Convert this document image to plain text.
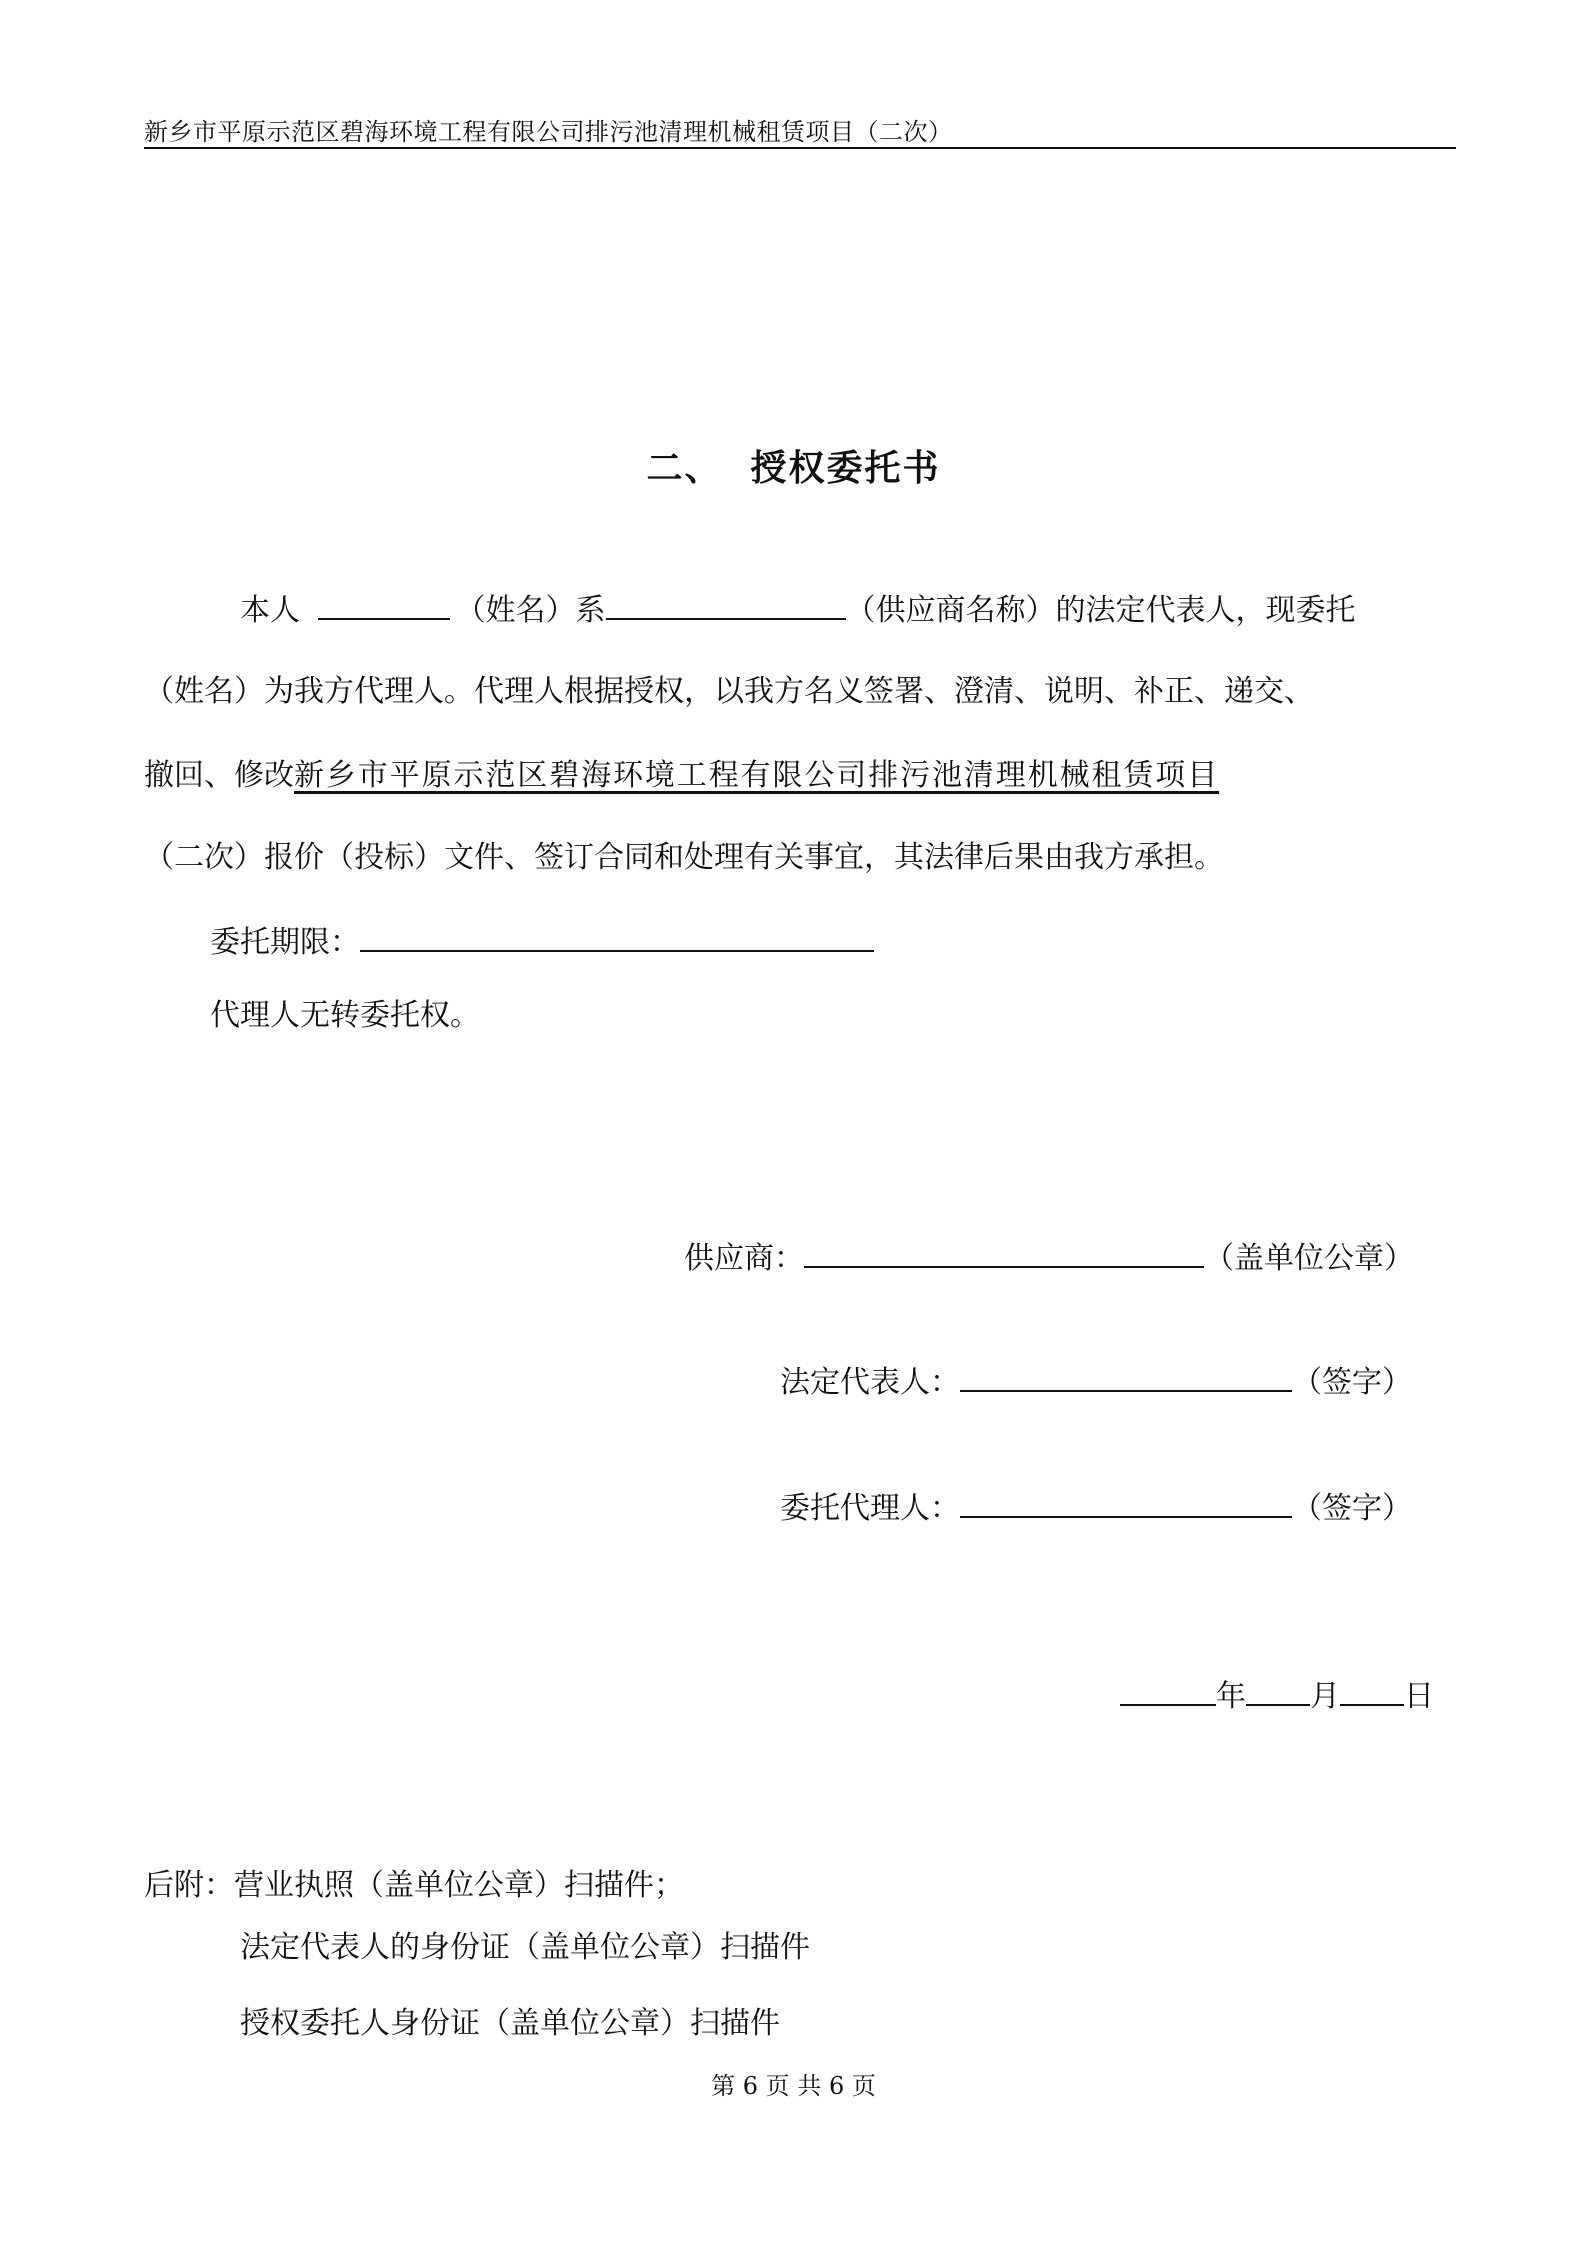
新乡市平原示范区碧海环境工程有限公司排污池清理机械租赁项目（二次）
二、 授权委托书
本人	（姓名）系	（供应商名称）的法定代表人，现委托
（姓名）为我方代理人。代理人根据授权，以我方名义签署、澄清、说明、补正、递交、
撤回、修改新乡市平原示范区碧海环境工程有限公司排污池清理机械租赁项目
（二次）报价（投标）文件、签订合同和处理有关事宜，其法律后果由我方承担。
委托期限：
代理人无转委托权。
供应商：	（盖单位公章）
法定代表人：	（签字）
委托代理人：	（签字）
年 月 日
后附：营业执照（盖单位公章）扫描件；
法定代表人的身份证（盖单位公章）扫描件
授权委托人身份证（盖单位公章）扫描件
第 6 页 共 6 页
